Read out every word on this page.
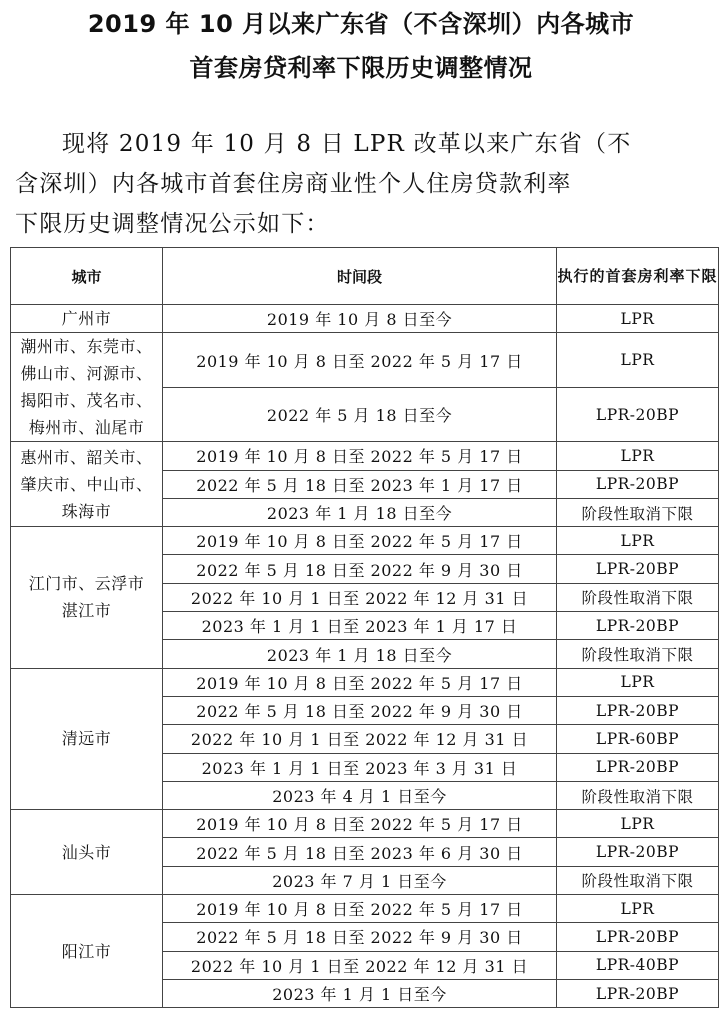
2019 年 10 月以来广东省（不含深圳）内各城市
首套房贷利率下限历史调整情况
现将 2019 年 10 月 8 日 LPR 改革以来广东省（不
含深圳）内各城市首套住房商业性个人住房贷款利率
下限历史调整情况公示如下：
城市	时间段	执行的首套房利率下限

广州市	2019 年 10 月 8 日至今	LPR

潮州市、东莞市、
佛山市、河源市、
揭阳市、茂名市、
梅州市、汕尾市	2019 年 10 月 8 日至 2022 年 5 月 17 日	LPR
	2022 年 5 月 18 日至今	LPR-20BP

惠州市、韶关市、
肇庆市、中山市、
珠海市	2019 年 10 月 8 日至 2022 年 5 月 17 日	LPR
	2022 年 5 月 18 日至 2023 年 1 月 17 日	LPR-20BP
	2023 年 1 月 18 日至今	阶段性取消下限

江门市、云浮市
湛江市	2019 年 10 月 8 日至 2022 年 5 月 17 日	LPR
	2022 年 5 月 18 日至 2022 年 9 月 30 日	LPR-20BP
	2022 年 10 月 1 日至 2022 年 12 月 31 日	阶段性取消下限
	2023 年 1 月 1 日至 2023 年 1 月 17 日	LPR-20BP
	2023 年 1 月 18 日至今	阶段性取消下限

清远市	2019 年 10 月 8 日至 2022 年 5 月 17 日	LPR
	2022 年 5 月 18 日至 2022 年 9 月 30 日	LPR-20BP
	2022 年 10 月 1 日至 2022 年 12 月 31 日	LPR-60BP
	2023 年 1 月 1 日至 2023 年 3 月 31 日	LPR-20BP
	2023 年 4 月 1 日至今	阶段性取消下限

汕头市	2019 年 10 月 8 日至 2022 年 5 月 17 日	LPR
	2022 年 5 月 18 日至 2023 年 6 月 30 日	LPR-20BP
	2023 年 7 月 1 日至今	阶段性取消下限

阳江市	2019 年 10 月 8 日至 2022 年 5 月 17 日	LPR
	2022 年 5 月 18 日至 2022 年 9 月 30 日	LPR-20BP
	2022 年 10 月 1 日至 2022 年 12 月 31 日	LPR-40BP
	2023 年 1 月 1 日至今	LPR-20BP
